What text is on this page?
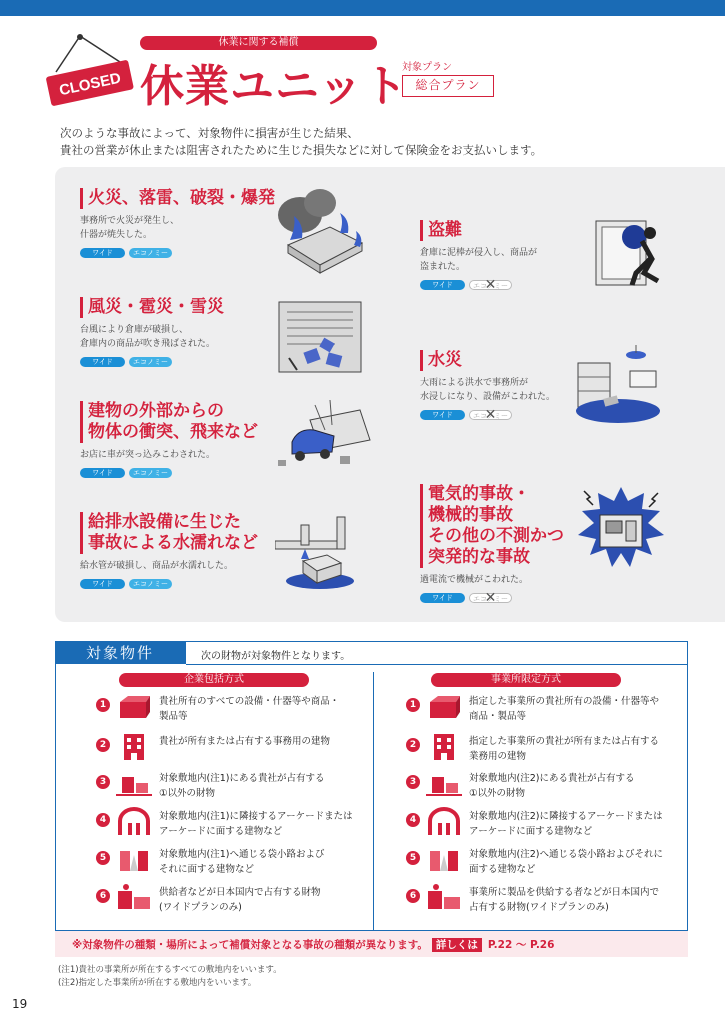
CLOSED
休業に関する補償
休業ユニット
対象プラン
総合プラン

次のような事故によって、対象物件に損害が生じた結果、

貴社の営業が休止または阻害されたために生じた損失などに対して保険金をお支払いします。

火災、落雷、破裂・爆発
事務所で火災が発生し、
什器が焼失した。
ワイド	エコノミー
風災・雹災・雪災
台風により倉庫が破損し、
倉庫内の商品が吹き飛ばされた。
ワイド	エコノミー
建物の外部からの
物体の衝突、飛来など
お店に車が突っ込みこわされた。
ワイド	エコノミー
給排水設備に生じた
事故による水濡れなど
給水管が破損し、商品が水濡れした。
ワイド	エコノミー
盗難
倉庫に泥棒が侵入し、商品が
盗まれた。
ワイド	エコノミー ✕
水災
大雨による洪水で事務所が
水浸しになり、設備がこわれた。
ワイド	エコノミー ✕
電気的事故・
機械的事故
その他の不測かつ
突発的な事故
過電流で機械がこわれた。
ワイド	エコノミー ✕
対象物件	次の財物が対象物件となります。
企業包括方式	事業所限定方式
1	貴社所有のすべての設備・什器等や商品・
製品等
2	貴社が所有または占有する事務用の建物
3	対象敷地内(注1)にある貴社が占有する
①以外の財物
4	対象敷地内(注1)に隣接するアーケードまたは
アーケードに面する建物など
5	対象敷地内(注1)へ通じる袋小路および
それに面する建物など
6	供給者などが日本国内で占有する財物
(ワイドプランのみ)
1	指定した事業所の貴社所有の設備・什器等や
商品・製品等
2	指定した事業所の貴社が所有または占有する
業務用の建物
3	対象敷地内(注2)にある貴社が占有する
①以外の財物
4	対象敷地内(注2)に隣接するアーケードまたは
アーケードに面する建物など
5	対象敷地内(注2)へ通じる袋小路およびそれに
面する建物など
6	事業所に製品を供給する者などが日本国内で
占有する財物(ワイドプランのみ)
※対象物件の種類・場所によって補償対象となる事故の種類が異なります。 詳しくは P.22 ～ P.26
(注1)貴社の事業所が所在するすべての敷地内をいいます。
(注2)指定した事業所が所在する敷地内をいいます。
19
